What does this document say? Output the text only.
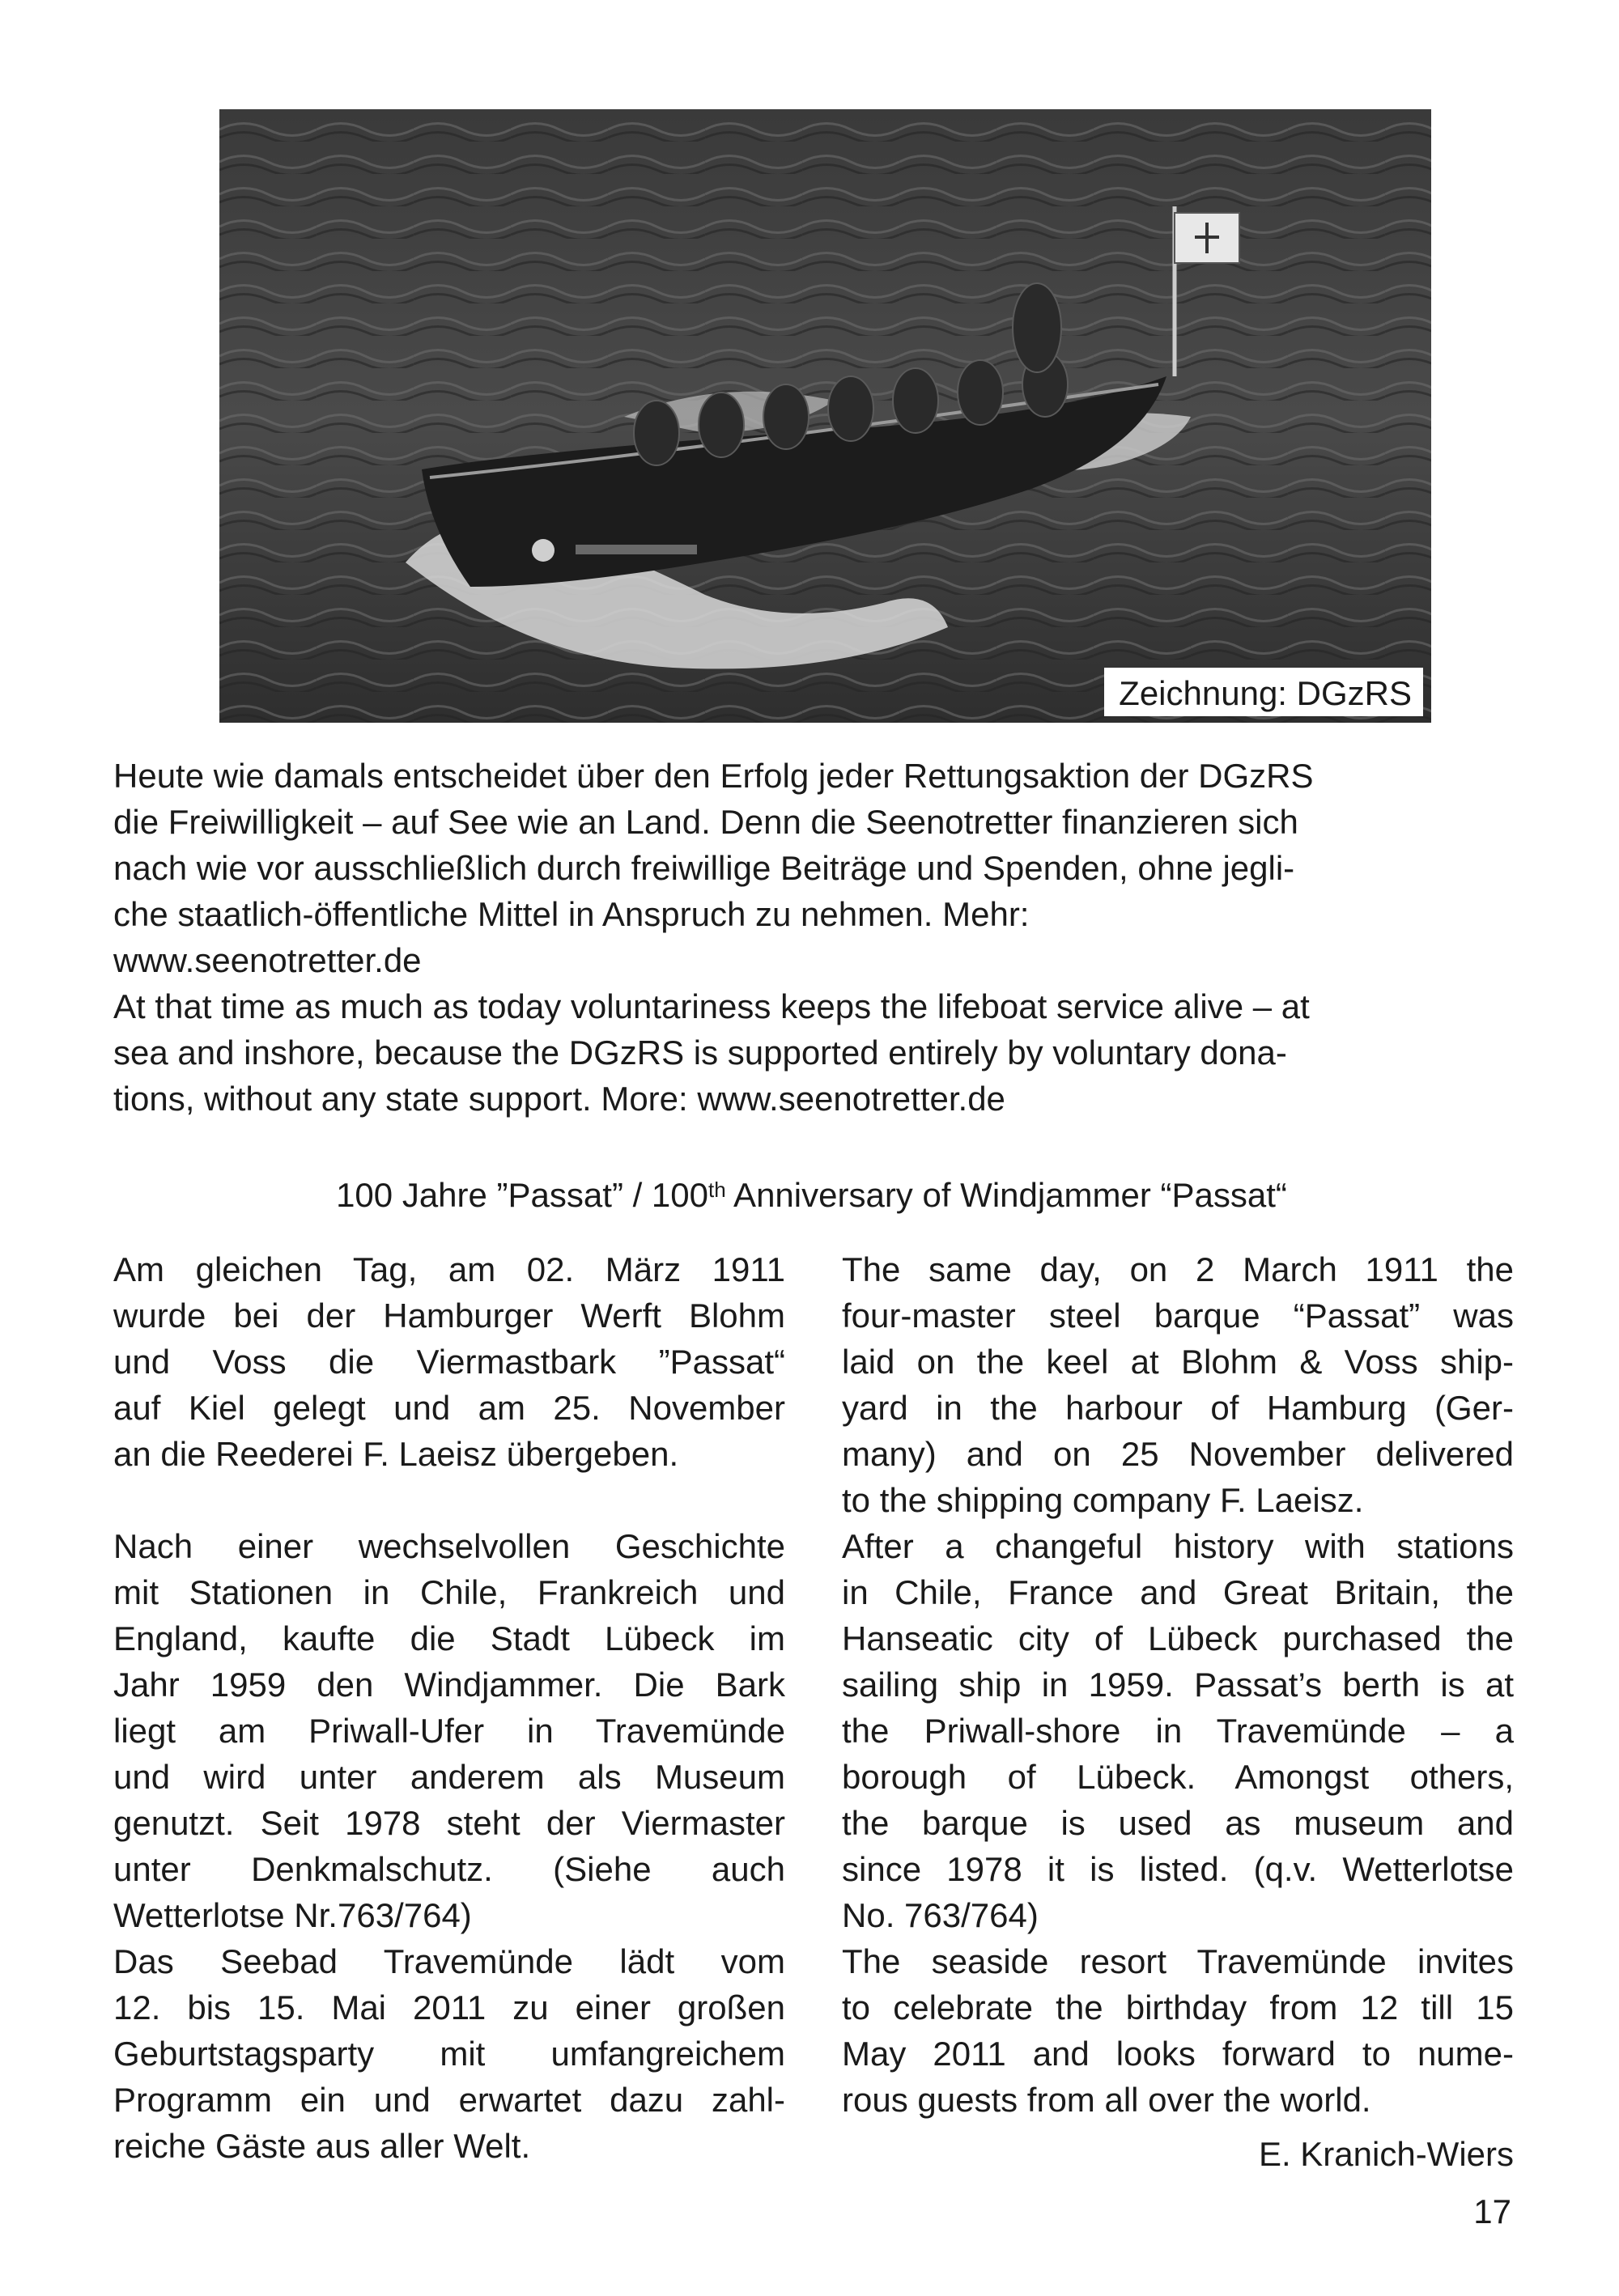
Zeichnung: DGzRS
Heute wie damals entscheidet über den Erfolg jeder Rettungsaktion der DGzRS
die Freiwilligkeit – auf See wie an Land. Denn die Seenotretter finanzieren sich
nach wie vor ausschließlich durch freiwillige Beiträge und Spenden, ohne jegli-
che staatlich-öffentliche Mittel in Anspruch zu nehmen. Mehr:
www.seenotretter.de
At that time as much as today voluntariness keeps the lifeboat service alive – at
sea and inshore, because the DGzRS is supported entirely by voluntary dona-
tions, without any state support. More: www.seenotretter.de
100 Jahre ”Passat” / 100th Anniversary of Windjammer “Passat“
Am gleichen Tag, am 02. März 1911
wurde bei der Hamburger Werft Blohm
und Voss die Viermastbark ”Passat“
auf Kiel gelegt und am 25. November
an die Reederei F. Laeisz übergeben.
Nach einer wechselvollen Geschichte
mit Stationen in Chile, Frankreich und
England, kaufte die Stadt Lübeck im
Jahr 1959 den Windjammer. Die Bark
liegt am Priwall-Ufer in Travemünde
und wird unter anderem als Museum
genutzt. Seit 1978 steht der Viermaster
unter Denkmalschutz. (Siehe auch
Wetterlotse Nr.763/764)
Das Seebad Travemünde lädt vom
12. bis 15. Mai 2011 zu einer großen
Geburtstagsparty mit umfangreichem
Programm ein und erwartet dazu zahl-
reiche Gäste aus aller Welt.
The same day, on 2 March 1911 the
four-master steel barque “Passat” was
laid on the keel at Blohm & Voss ship-
yard in the harbour of Hamburg (Ger-
many) and on 25 November delivered
to the shipping company F. Laeisz.
After a changeful history with stations
in Chile, France and Great Britain, the
Hanseatic city of Lübeck purchased the
sailing ship in 1959. Passat’s berth is at
the Priwall-shore in Travemünde – a
borough of Lübeck. Amongst others,
the barque is used as museum and
since 1978 it is listed. (q.v. Wetterlotse
No. 763/764)
The seaside resort Travemünde invites
to celebrate the birthday from 12 till 15
May 2011 and looks forward to nume-
rous guests from all over the world.
E. Kranich-Wiers
17
